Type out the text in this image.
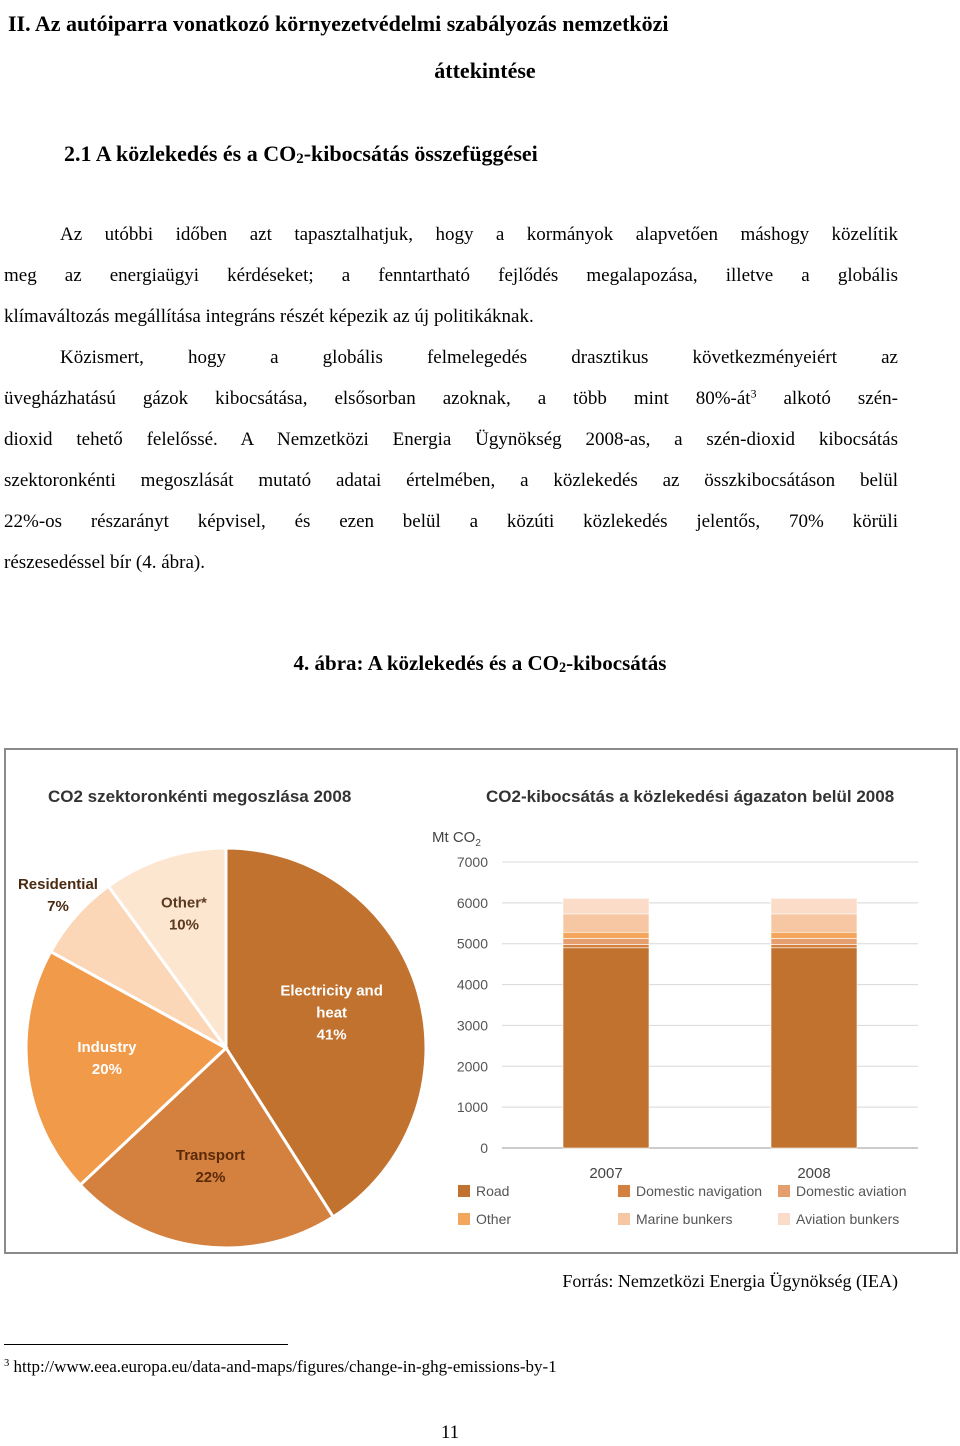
II. Az autóiparra vonatkozó környezetvédelmi szabályozás nemzetközi
áttekintése
2.1 A közlekedés és a $CO_2$-kibocsátás összefüggései
Az utóbbi időben azt tapasztalhatjuk, hogy a kormányok alapvetően máshogy közelítik
meg az energiaügyi kérdéseket; a fenntartható fejlődés megalapozása, illetve a globális
klímaváltozás megállítása integráns részét képezik az új politikáknak.
Közismert, hogy a globális felmelegedés drasztikus következményeiért az
üvegházhatású gázok kibocsátása, elsősorban azoknak, a több mint $80\%-át^3$ alkotó szén-
dioxid tehető felelőssé. A Nemzetközi Energia Ügynökség 2008-as, a szén-dioxid kibocsátás
szektoronkénti megoszlását mutató adatai értelmében, a közlekedés az összkibocsátáson belül
22%-os részarányt képvisel, és ezen belül a közúti közlekedés jelentős, 70% körüli
részesedéssel bír (4. ábra).
4. ábra: A közlekedés és a $CO_2$-kibocsátás
CO2 szektoronkénti megoszlása 2008	CO2-kibocsátás a közlekedési ágazaton belül 2008
Electricity and
heat
41%
Transport
22%
Industry
20%
Residential
7%	Other*
10%
Mt $CO_2$
0
1000
2000
3000
4000
5000
6000
7000
2007	2008
Road	Domestic navigation Domestic aviation
Other	Marine bunkers	Aviation bunkers
Forrás: Nemzetközi Energia Ügynökség (IEA)
$^3$ http://www.eea.europa.eu/data-and-maps/figures/change-in-ghg-emissions-by-1
11
